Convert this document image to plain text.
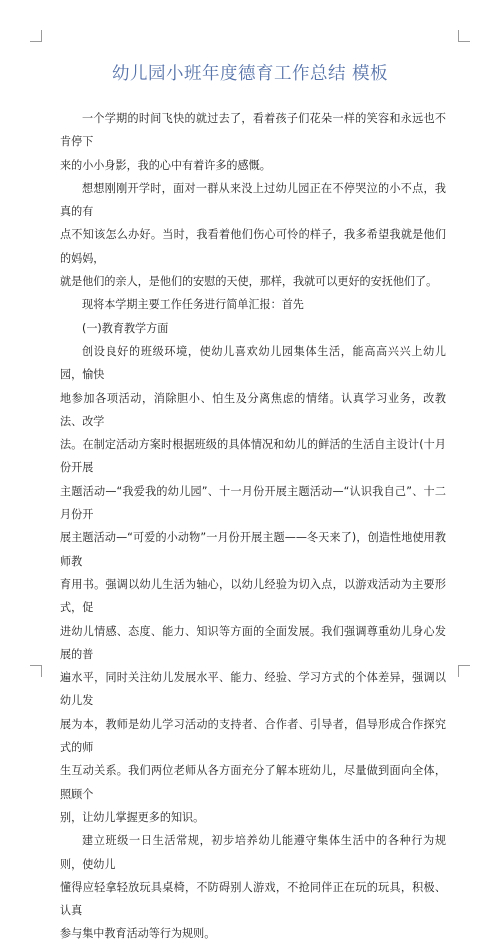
幼儿园小班年度德育工作总结 模板

一个学期的时间飞快的就过去了，看着孩子们花朵一样的笑容和永远也不肯停下
来的小小身影，我的心中有着许多的感慨。

想想刚刚开学时，面对一群从来没上过幼儿园正在不停哭泣的小不点，我真的有
点不知该怎么办好。当时，我看着他们伤心可怜的样子，我多希望我就是他们的妈妈，
就是他们的亲人，是他们的安慰的天使，那样，我就可以更好的安抚他们了。

现将本学期主要工作任务进行简单汇报：首先

(一)教育教学方面

创设良好的班级环境，使幼儿喜欢幼儿园集体生活，能高高兴兴上幼儿园，愉快
地参加各项活动，消除胆小、怕生及分离焦虑的情绪。认真学习业务，改教法、改学
法。在制定活动方案时根据班级的具体情况和幼儿的鲜活的生活自主设计(十月份开展
主题活动—“我爱我的幼儿园”、十一月份开展主题活动—“认识我自己”、十二月份开
展主题活动—“可爱的小动物”一月份开展主题——冬天来了)，创造性地使用教师教
育用书。强调以幼儿生活为轴心，以幼儿经验为切入点，以游戏活动为主要形式，促
进幼儿情感、态度、能力、知识等方面的全面发展。我们强调尊重幼儿身心发展的普
遍水平，同时关注幼儿发展水平、能力、经验、学习方式的个体差异，强调以幼儿发
展为本，教师是幼儿学习活动的支持者、合作者、引导者，倡导形成合作探究式的师
生互动关系。我们两位老师从各方面充分了解本班幼儿，尽量做到面向全体，照顾个
别，让幼儿掌握更多的知识。

建立班级一日生活常规，初步培养幼儿能遵守集体生活中的各种行为规则，使幼儿
懂得应轻拿轻放玩具桌椅，不防碍别人游戏，不抢同伴正在玩的玩具，积极、认真
参与集中教育活动等行为规则。
